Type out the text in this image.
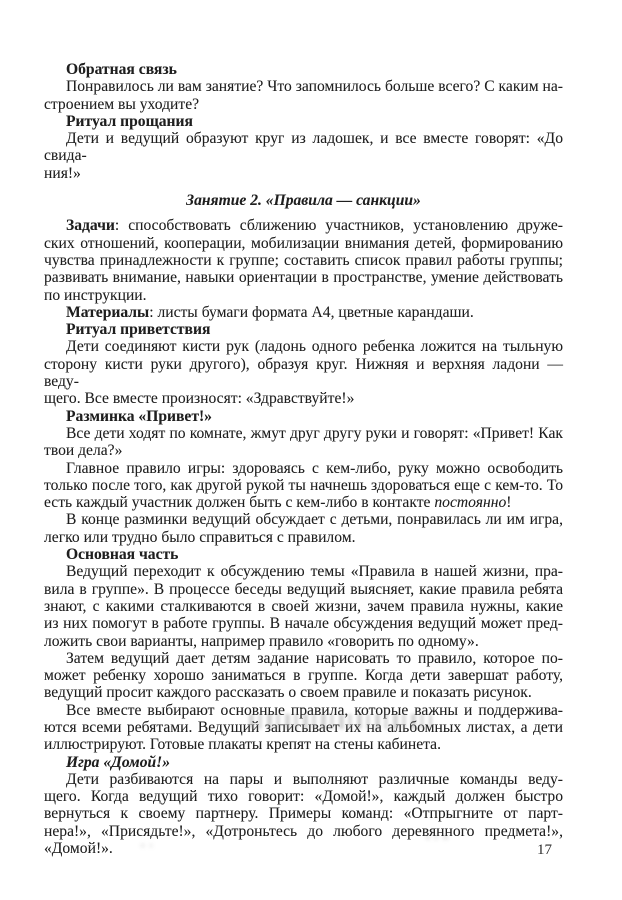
Обратная связь
Понравилось ли вам занятие? Что запомнилось больше всего? С каким на-
строением вы уходите?
Ритуал прощания
Дети и ведущий образуют круг из ладошек, и все вместе говорят: «До свида-
ния!»
Занятие 2. «Правила — санкции»
Задачи: способствовать сближению участников, установлению друже-
ских отношений, кооперации, мобилизации внимания детей, формированию
чувства принадлежности к группе; составить список правил работы группы;
развивать внимание, навыки ориентации в пространстве, умение действовать
по инструкции.
Материалы: листы бумаги формата А4, цветные карандаши.
Ритуал приветствия
Дети соединяют кисти рук (ладонь одного ребенка ложится на тыльную
сторону кисти руки другого), образуя круг. Нижняя и верхняя ладони — веду-
щего. Все вместе произносят: «Здравствуйте!»
Разминка «Привет!»
Все дети ходят по комнате, жмут друг другу руки и говорят: «Привет! Как
твои дела?»
Главное правило игры: здороваясь с кем-либо, руку можно освободить
только после того, как другой рукой ты начнешь здороваться еще с кем-то. То
есть каждый участник должен быть с кем-либо в контакте постоянно!
В конце разминки ведущий обсуждает с детьми, понравилась ли им игра,
легко или трудно было справиться с правилом.
Основная часть
Ведущий переходит к обсуждению темы «Правила в нашей жизни, пра-
вила в группе». В процессе беседы ведущий выясняет, какие правила ребята
знают, с какими сталкиваются в своей жизни, зачем правила нужны, какие
из них помогут в работе группы. В начале обсуждения ведущий может пред-
ложить свои варианты, например правило «говорить по одному».
Затем ведущий дает детям задание нарисовать то правило, которое по-
может ребенку хорошо заниматься в группе. Когда дети завершат работу,
ведущий просит каждого рассказать о своем правиле и показать рисунок.
Все вместе выбирают основные правила, которые важны и поддержива-
ются всеми ребятами. Ведущий записывает их на альбомных листах, а дети
иллюстрируют. Готовые плакаты крепят на стены кабинета.
Игра «Домой!»
Дети разбиваются на пары и выполняют различные команды веду-
щего. Когда ведущий тихо говорит: «Домой!», каждый должен быстро
вернуться к своему партнеру. Примеры команд: «Отпрыгните от парт-
нера!», «Присядьте!», «Дотроньтесь до любого деревянного предмета!»,
«Домой!».	17
